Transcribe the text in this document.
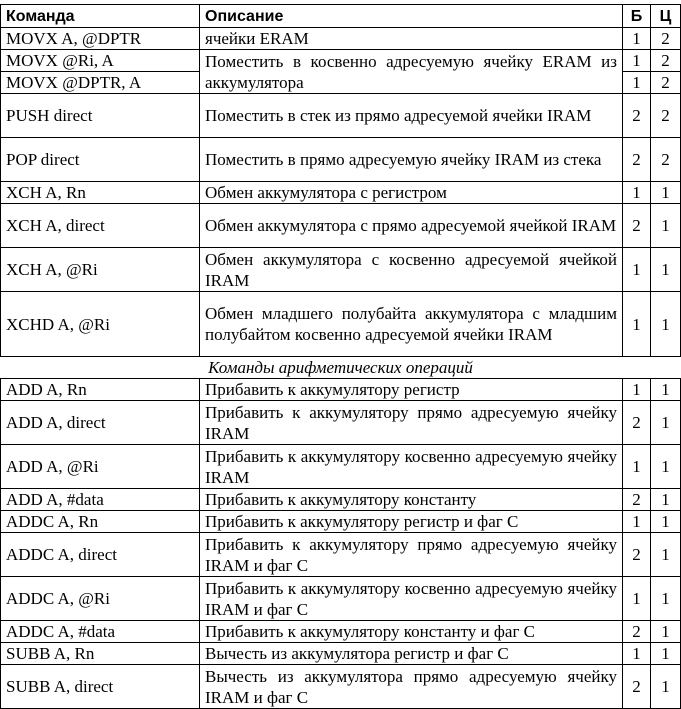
Команда	Описание	Б	Ц
MOVX A, @DPTR	ячейки ERAM	1	2
MOVX @Ri, A	Поместить в косвенно адресуемую ячейку ERAM из аккумулятора	1	2
MOVX @DPTR, A		1	2
PUSH direct	Поместить в стек из прямо адресуемой ячейки IRAM	2	2
POP direct	Поместить в прямо адресуемую ячейку IRAM из стека	2	2
XCH A, Rn	Обмен аккумулятора с регистром	1	1
XCH A, direct	Обмен аккумулятора с прямо адресуемой ячейкой IRAM	2	1
XCH A, @Ri	Обмен аккумулятора с косвенно адресуемой ячейкой IRAM	1	1
XCHD A, @Ri	Обмен младшего полубайта аккумулятора с младшим полубайтом косвенно адресуемой ячейки IRAM	1	1
Команды арифметических операций			
ADD A, Rn	Прибавить к аккумулятору регистр	1	1
ADD A, direct	Прибавить к аккумулятору прямо адресуемую ячейку IRAM	2	1
ADD A, @Ri	Прибавить к аккумулятору косвенно адресуемую ячейку IRAM	1	1
ADD A, #data	Прибавить к аккумулятору константу	2	1
ADDC A, Rn	Прибавить к аккумулятору регистр и фаг C	1	1
ADDC A, direct	Прибавить к аккумулятору прямо адресуемую ячейку IRAM и фаг C	2	1
ADDC A, @Ri	Прибавить к аккумулятору косвенно адресуемую ячейку IRAM и фаг C	1	1
ADDC A, #data	Прибавить к аккумулятору константу и фаг C	2	1
SUBB A, Rn	Вычесть из аккумулятора регистр и фаг C	1	1
SUBB A, direct	Вычесть из аккумулятора прямо адресуемую ячейку IRAM и фаг C	2	1
